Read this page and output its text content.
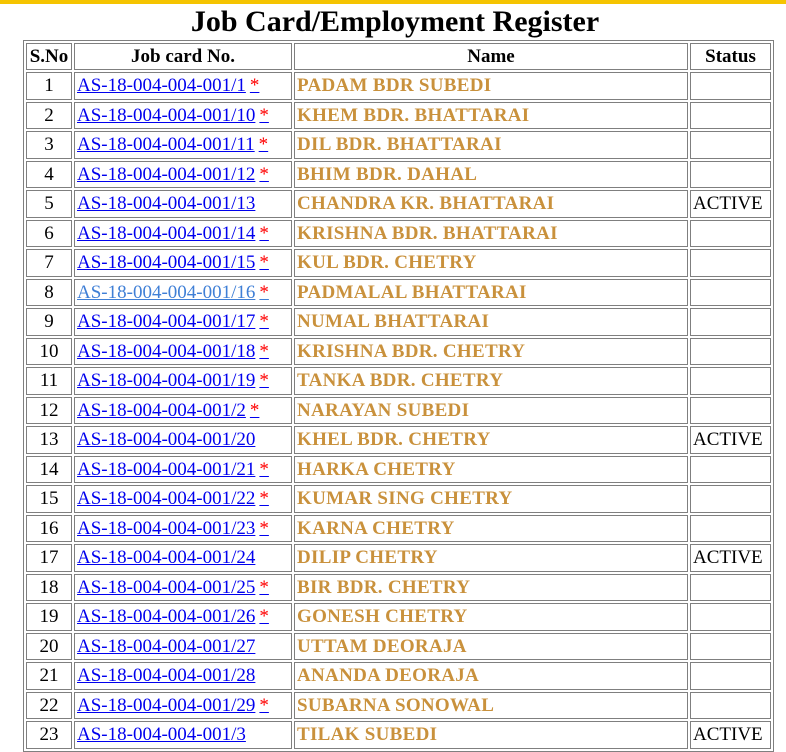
Job Card/Employment Register
S.No	Job card No.	Name	Status
1	AS-18-004-004-001/1 *	PADAM BDR SUBEDI	
2	AS-18-004-004-001/10 *	KHEM BDR. BHATTARAI	
3	AS-18-004-004-001/11 *	DIL BDR. BHATTARAI	
4	AS-18-004-004-001/12 *	BHIM BDR. DAHAL	
5	AS-18-004-004-001/13	CHANDRA KR. BHATTARAI	ACTIVE
6	AS-18-004-004-001/14 *	KRISHNA BDR. BHATTARAI	
7	AS-18-004-004-001/15 *	KUL BDR. CHETRY	
8	AS-18-004-004-001/16 *	PADMALAL BHATTARAI	
9	AS-18-004-004-001/17 *	NUMAL BHATTARAI	
10	AS-18-004-004-001/18 *	KRISHNA BDR. CHETRY	
11	AS-18-004-004-001/19 *	TANKA BDR. CHETRY	
12	AS-18-004-004-001/2 *	NARAYAN SUBEDI	
13	AS-18-004-004-001/20	KHEL BDR. CHETRY	ACTIVE
14	AS-18-004-004-001/21 *	HARKA CHETRY	
15	AS-18-004-004-001/22 *	KUMAR SING CHETRY	
16	AS-18-004-004-001/23 *	KARNA CHETRY	
17	AS-18-004-004-001/24	DILIP CHETRY	ACTIVE
18	AS-18-004-004-001/25 *	BIR BDR. CHETRY	
19	AS-18-004-004-001/26 *	GONESH CHETRY	
20	AS-18-004-004-001/27	UTTAM DEORAJA	
21	AS-18-004-004-001/28	ANANDA DEORAJA	
22	AS-18-004-004-001/29 *	SUBARNA SONOWAL	
23	AS-18-004-004-001/3	TILAK SUBEDI	ACTIVE
